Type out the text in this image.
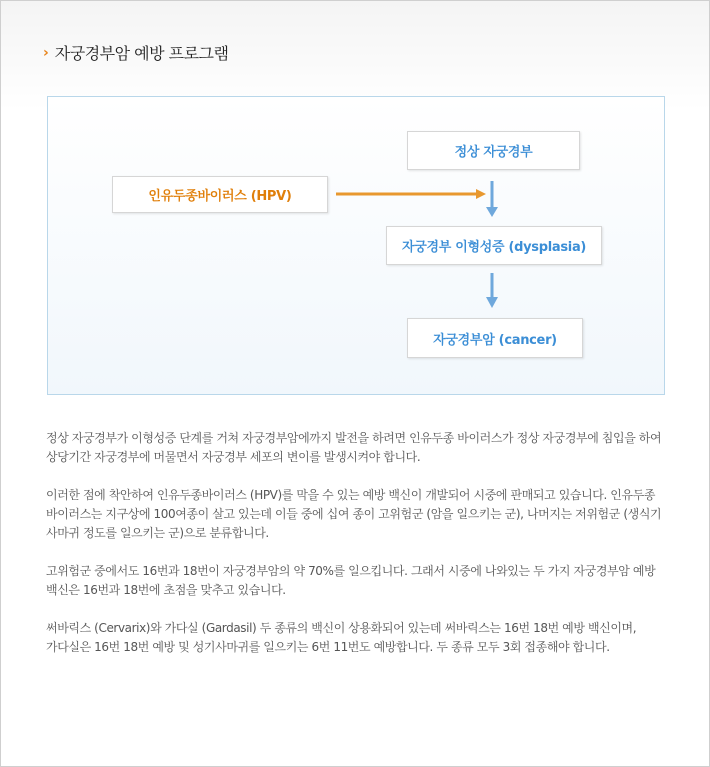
› 자궁경부암 예방 프로그램
정상 자궁경부
인유두종바이러스 (HPV)
자궁경부 이형성증 (dysplasia)
자궁경부암 (cancer)
정상 자궁경부가 이형성증 단계를 거쳐 자궁경부암에까지 발전을 하려면 인유두종 바이러스가 정상 자궁경부에 침입을 하여
상당기간 자궁경부에 머물면서 자궁경부 세포의 변이를 발생시켜야 합니다.
이러한 점에 착안하여 인유두종바이러스 (HPV)를 막을 수 있는 예방 백신이 개발되어 시중에 판매되고 있습니다. 인유두종
바이러스는 지구상에 100여종이 살고 있는데 이들 중에 십여 종이 고위험군 (암을 일으키는 군), 나머지는 저위험군 (생식기
사마귀 정도를 일으키는 군)으로 분류합니다.
고위험군 중에서도 16번과 18번이 자궁경부암의 약 70%를 일으킵니다. 그래서 시중에 나와있는 두 가지 자궁경부암 예방
백신은 16번과 18번에 초점을 맞추고 있습니다.
써바릭스 (Cervarix)와 가다실 (Gardasil) 두 종류의 백신이 상용화되어 있는데 써바릭스는 16번 18번 예방 백신이며,
가다실은 16번 18번 예방 및 성기사마귀를 일으키는 6번 11번도 예방합니다. 두 종류 모두 3회 접종해야 합니다.
